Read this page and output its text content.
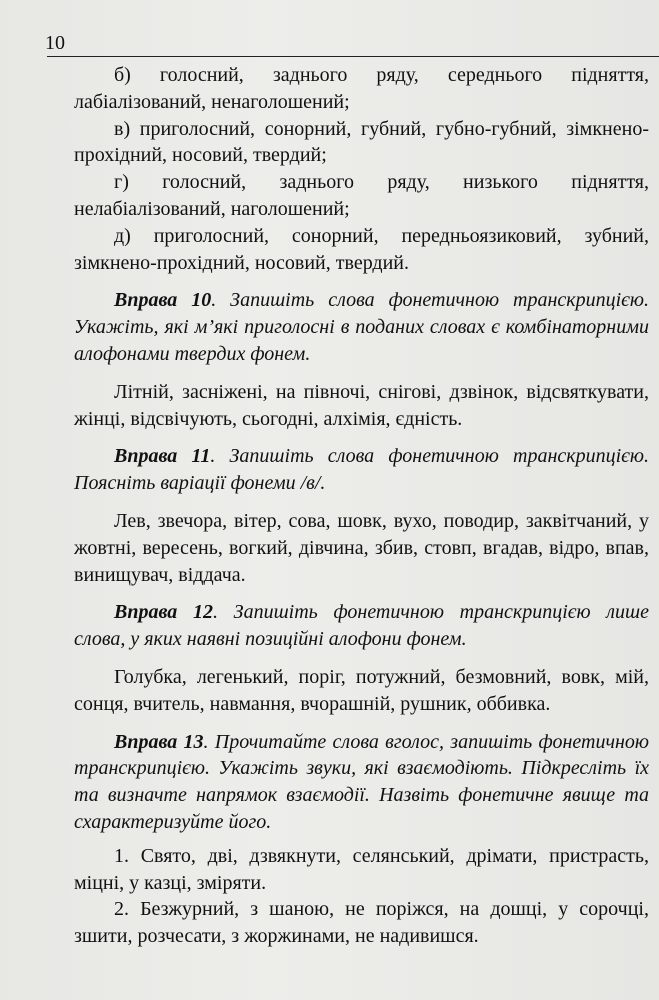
10

б) голосний, заднього ряду, середнього підняття, лабіалізований, ненаголошений;

в) приголосний, сонорний, губний, губно-губний, зімкнено-прохідний, носовий, твердий;

г) голосний, заднього ряду, низького підняття, нелабіалізований, наголошений;

д) приголосний, сонорний, передньоязиковий, зубний, зімкнено-прохідний, носовий, твердий.

Вправа 10. Запишіть слова фонетичною транскрипцією. Укажіть, які м’які приголосні в поданих словах є комбінаторними алофонами твердих фонем.

Літній, засніжені, на півночі, снігові, дзвінок, відсвяткувати, жінці, відсвічують, сьогодні, алхімія, єдність.

Вправа 11. Запишіть слова фонетичною транскрипцією. Поясніть варіації фонеми /в/.

Лев, звечора, вітер, сова, шовк, вухо, поводир, заквітчаний, у жовтні, вересень, вогкий, дівчина, збив, стовп, вгадав, відро, впав, винищувач, віддача.

Вправа 12. Запишіть фонетичною транскрипцією лише слова, у яких наявні позиційні алофони фонем.

Голубка, легенький, поріг, потужний, безмовний, вовк, мій, сонця, вчитель, навмання, вчорашній, рушник, оббивка.

Вправа 13. Прочитайте слова вголос, запишіть фонетичною транскрипцією. Укажіть звуки, які взаємодіють. Підкресліть їх та визначте напрямок взаємодії. Назвіть фонетичне явище та схарактеризуйте його.

1. Свято, дві, дзвякнути, селянський, дрімати, пристрасть, міцні, у казці, зміряти.

2. Безжурний, з шаною, не поріжся, на дошці, у сорочці, зшити, розчесати, з жоржинами, не надивишся.
